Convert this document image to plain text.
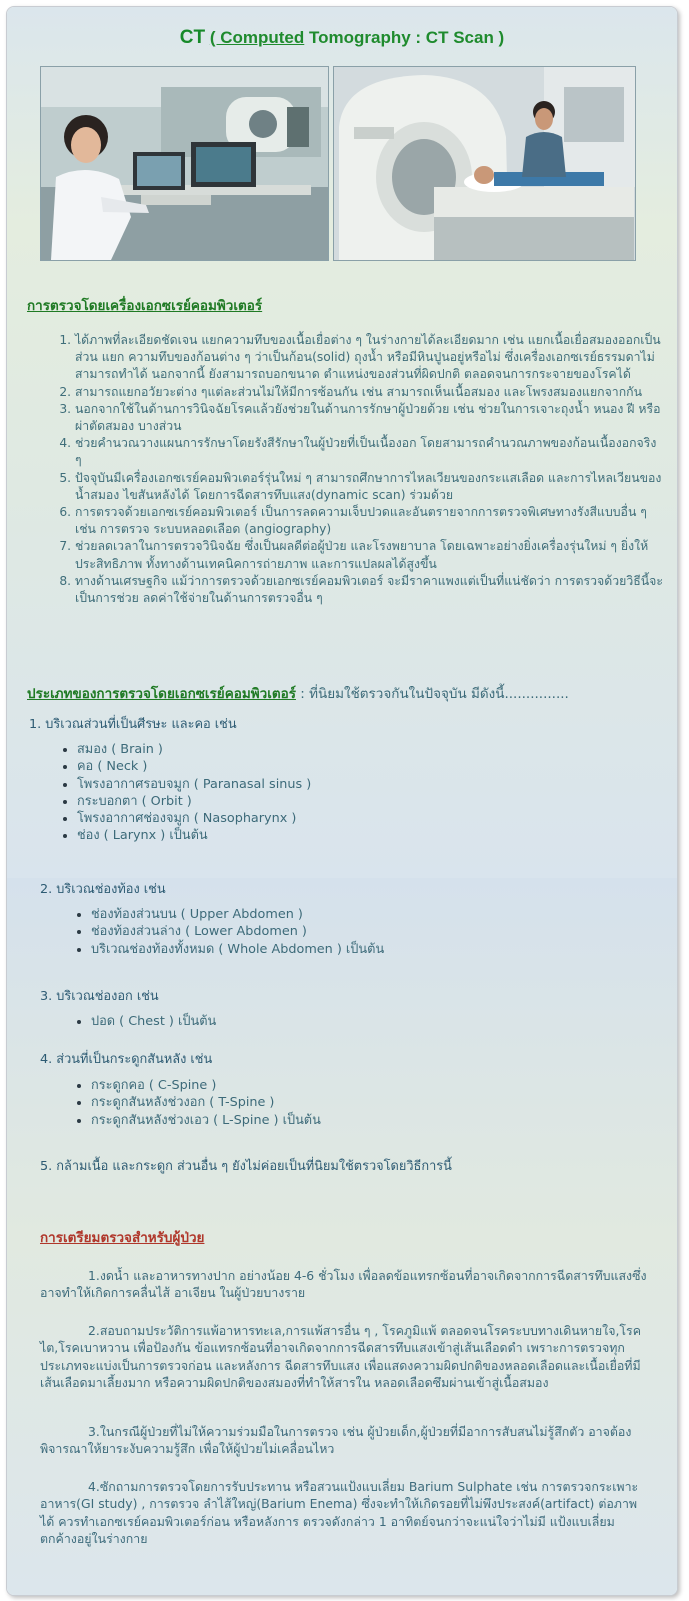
CT ( Computed Tomography : CT Scan )
การตรวจโดยเครื่องเอกซเรย์คอมพิวเตอร์
1. ได้ภาพที่ละเอียดชัดเจน แยกความทึบของเนื้อเยื่อต่าง ๆ ในร่างกายได้ละเอียดมาก เช่น แยกเนื้อเยื่อสมองออกเป็นส่วน แยก ความทึบของก้อนต่าง ๆ ว่าเป็นก้อน(solid) ถุงน้ำ หรือมีหินปูนอยู่หรือไม่ ซึ่งเครื่องเอกซเรย์ธรรมดาไม่สามารถทำได้ นอกจากนี้ ยังสามารถบอกขนาด ตำแหน่งของส่วนที่ผิดปกติ ตลอดจนการกระจายของโรคได้
2. สามารถแยกอวัยวะต่าง ๆแต่ละส่วนไม่ให้มีการซ้อนกัน เช่น สามารถเห็นเนื้อสมอง และโพรงสมองแยกจากกัน
3. นอกจากใช้ในด้านการวินิจฉัยโรคแล้วยังช่วยในด้านการรักษาผู้ป่วยด้วย เช่น ช่วยในการเจาะถุงน้ำ หนอง ฝี หรือผ่าตัดสมอง บางส่วน
4. ช่วยคำนวณวางแผนการรักษาโดยรังสีรักษาในผู้ป่วยที่เป็นเนื้องอก โดยสามารถคำนวณภาพของก้อนเนื้องอกจริง ๆ
5. ปัจจุบันมีเครื่องเอกซเรย์คอมพิวเตอร์รุ่นใหม่ ๆ สามารถศึกษาการไหลเวียนของกระแสเลือด และการไหลเวียนของน้ำสมอง ไขสันหลังได้ โดยการฉีดสารทึบแสง(dynamic scan) ร่วมด้วย
6. การตรวจด้วยเอกซเรย์คอมพิวเตอร์ เป็นการลดความเจ็บปวดและอันตรายจากการตรวจพิเศษทางรังสีแบบอื่น ๆ เช่น การตรวจ ระบบหลอดเลือด (angiography)
7. ช่วยลดเวลาในการตรวจวินิจฉัย ซึ่งเป็นผลดีต่อผู้ป่วย และโรงพยาบาล โดยเฉพาะอย่างยิ่งเครื่องรุ่นใหม่ ๆ ยิ่งให้ประสิทธิภาพ ทั้งทางด้านเทคนิคการถ่ายภาพ และการแปลผลได้สูงขึ้น
8. ทางด้านเศรษฐกิจ แม้ว่าการตรวจด้วยเอกซเรย์คอมพิวเตอร์ จะมีราคาแพงแต่เป็นที่แน่ชัดว่า การตรวจด้วยวิธีนี้จะเป็นการช่วย ลดค่าใช้จ่ายในด้านการตรวจอื่น ๆ
ประเภทของการตรวจโดยเอกซเรย์คอมพิวเตอร์ : ที่นิยมใช้ตรวจกันในปัจจุบัน มีดังนี้...............
1. บริเวณส่วนที่เป็นศีรษะ และคอ เช่น
• สมอง ( Brain )
• คอ ( Neck )
• โพรงอากาศรอบจมูก ( Paranasal sinus )
• กระบอกตา ( Orbit )
• โพรงอากาศช่องจมูก ( Nasopharynx )
• ช่อง ( Larynx ) เป็นต้น
2. บริเวณช่องท้อง เช่น
• ช่องท้องส่วนบน ( Upper Abdomen )
• ช่องท้องส่วนล่าง ( Lower Abdomen )
• บริเวณช่องท้องทั้งหมด ( Whole Abdomen ) เป็นต้น
3. บริเวณช่องอก เช่น
• ปอด ( Chest ) เป็นต้น
4. ส่วนที่เป็นกระดูกสันหลัง เช่น
• กระดูกคอ ( C-Spine )
• กระดูกสันหลังช่วงอก ( T-Spine )
• กระดูกสันหลังช่วงเอว ( L-Spine ) เป็นต้น
5. กล้ามเนื้อ และกระดูก ส่วนอื่น ๆ ยังไม่ค่อยเป็นที่นิยมใช้ตรวจโดยวิธีการนี้
การเตรียมตรวจสำหรับผู้ป่วย
1.งดน้ำ และอาหารทางปาก อย่างน้อย 4-6 ชั่วโมง เพื่อลดข้อแทรกซ้อนที่อาจเกิดจากการฉีดสารทึบแสงซึ่งอาจทำให้เกิดการคลื่นไส้ อาเจียน ในผู้ป่วยบางราย
2.สอบถามประวัติการแพ้อาหารทะเล,การแพ้สารอื่น ๆ , โรคภูมิแพ้ ตลอดจนโรคระบบทางเดินหายใจ,โรคไต,โรคเบาหวาน เพื่อป้องกัน ข้อแทรกซ้อนที่อาจเกิดจากการฉีดสารทึบแสงเข้าสู่เส้นเลือดดำ เพราะการตรวจทุกประเภทจะแบ่งเป็นการตรวจก่อน และหลังการ ฉีดสารทึบแสง เพื่อแสดงความผิดปกติของหลอดเลือดและเนื้อเยื่อที่มีเส้นเลือดมาเลี้ยงมาก หรือความผิดปกติของสมองที่ทำให้สารใน หลอดเลือดซึมผ่านเข้าสู่เนื้อสมอง
3.ในกรณีผู้ป่วยที่ไม่ให้ความร่วมมือในการตรวจ เช่น ผู้ป่วยเด็ก,ผู้ป่วยที่มีอาการสับสนไม่รู้สึกตัว อาจต้องพิจารณาให้ยาระงับความรู้สึก เพื่อให้ผู้ป่วยไม่เคลื่อนไหว
4.ซักถามการตรวจโดยการรับประทาน หรือสวนแป้งแบเลี่ยม Barium Sulphate เช่น การตรวจกระเพาะอาหาร(GI study) , การตรวจ ลำไส้ใหญ่(Barium Enema) ซึ่งจะทำให้เกิดรอยที่ไม่พึงประสงค์(artifact) ต่อภาพได้ ควรทำเอกซเรย์คอมพิวเตอร์ก่อน หรือหลังการ ตรวจดังกล่าว 1 อาทิตย์จนกว่าจะแน่ใจว่าไม่มี แป้งแบเลี่ยมตกค้างอยู่ในร่างกาย
